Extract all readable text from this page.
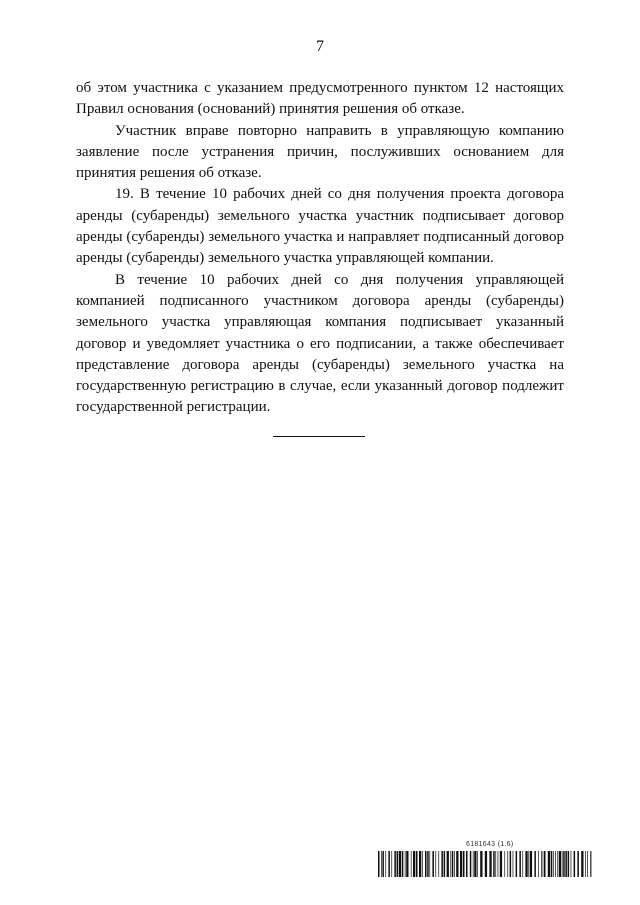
7

об этом участника с указанием предусмотренного пунктом 12 настоящих Правил основания (оснований) принятия решения об отказе.

Участник вправе повторно направить в управляющую компанию заявление после устранения причин, послуживших основанием для принятия решения об отказе.

19. В течение 10 рабочих дней со дня получения проекта договора аренды (субаренды) земельного участка участник подписывает договор аренды (субаренды) земельного участка и направляет подписанный договор аренды (субаренды) земельного участка управляющей компании.

В течение 10 рабочих дней со дня получения управляющей компанией подписанного участником договора аренды (субаренды) земельного участка управляющая компания подписывает указанный договор и уведомляет участника о его подписании, а также обеспечивает представление договора аренды (субаренды) земельного участка на государственную регистрацию в случае, если указанный договор подлежит государственной регистрации.

6181643 (1.6)
